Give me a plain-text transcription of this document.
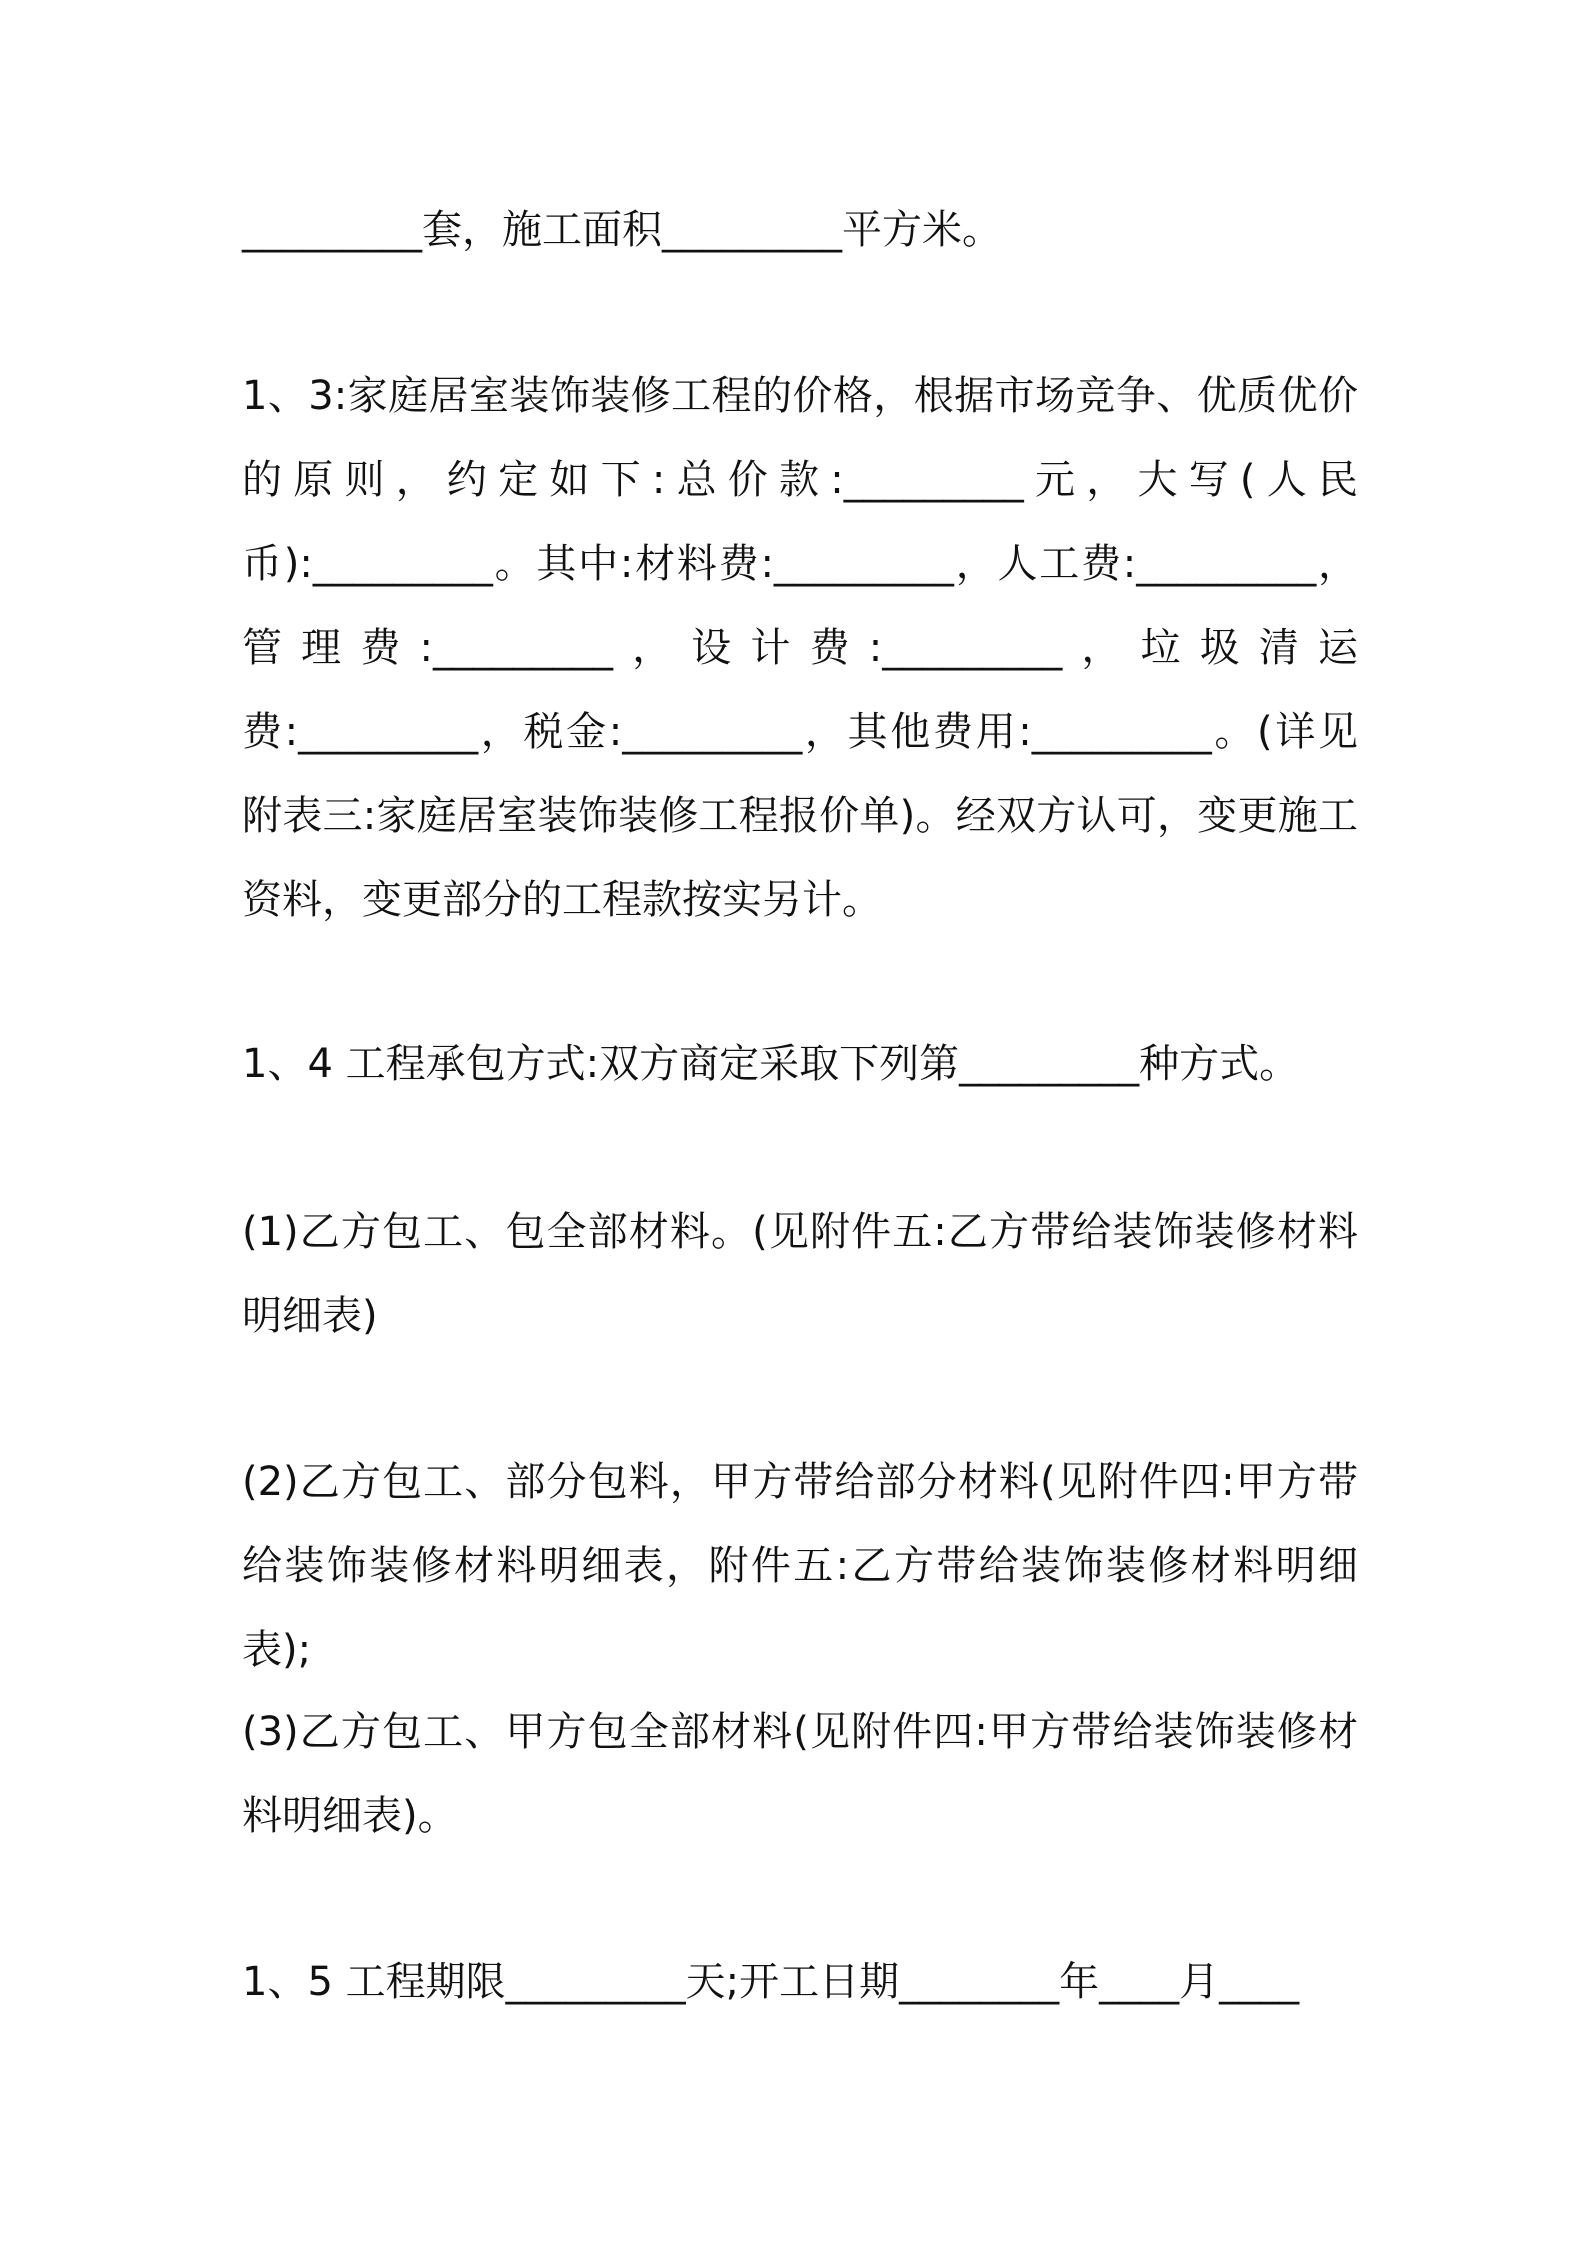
_________套，施工面积_________平方米。

1、3:家庭居室装饰装修工程的价格，根据市场竞争、优质优价的原则，约定如下:总价款:_________元，大写(人民币):_________。其中:材料费:_________，人工费:_________，管理费:_________，设计费:_________，垃圾清运费:_________，税金:_________，其他费用:_________。(详见附表三:家庭居室装饰装修工程报价单)。经双方认可，变更施工资料，变更部分的工程款按实另计。

1、4 工程承包方式:双方商定采取下列第_________种方式。

(1)乙方包工、包全部材料。(见附件五:乙方带给装饰装修材料明细表)

(2)乙方包工、部分包料，甲方带给部分材料(见附件四:甲方带给装饰装修材料明细表，附件五:乙方带给装饰装修材料明细表);

(3)乙方包工、甲方包全部材料(见附件四:甲方带给装饰装修材料明细表)。

1、5 工程期限_________天;开工日期________年____月____
